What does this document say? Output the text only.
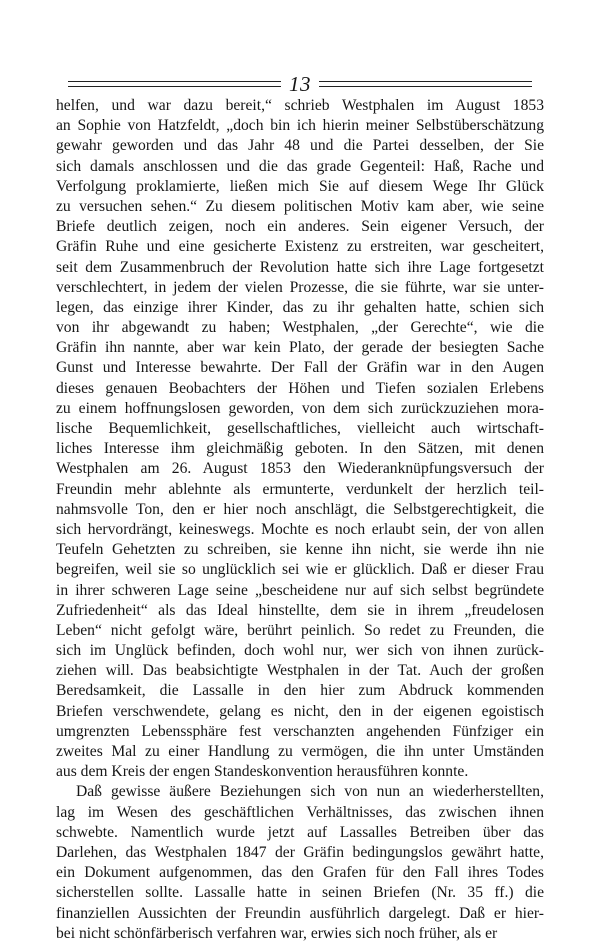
13
helfen, und war dazu bereit,“ schrieb Westphalen im August 1853
an Sophie von Hatzfeldt, „doch bin ich hierin meiner Selbstüberschätzung
gewahr geworden und das Jahr 48 und die Partei desselben, der Sie
sich damals anschlossen und die das grade Gegenteil: Haß, Rache und
Verfolgung proklamierte, ließen mich Sie auf diesem Wege Ihr Glück
zu versuchen sehen.“ Zu diesem politischen Motiv kam aber, wie seine
Briefe deutlich zeigen, noch ein anderes. Sein eigener Versuch, der
Gräfin Ruhe und eine gesicherte Existenz zu erstreiten, war gescheitert,
seit dem Zusammenbruch der Revolution hatte sich ihre Lage fortgesetzt
verschlechtert, in jedem der vielen Prozesse, die sie führte, war sie unter-
legen, das einzige ihrer Kinder, das zu ihr gehalten hatte, schien sich
von ihr abgewandt zu haben; Westphalen, „der Gerechte“, wie die
Gräfin ihn nannte, aber war kein Plato, der gerade der besiegten Sache
Gunst und Interesse bewahrte. Der Fall der Gräfin war in den Augen
dieses genauen Beobachters der Höhen und Tiefen sozialen Erlebens
zu einem hoffnungslosen geworden, von dem sich zurückzuziehen mora-
lische Bequemlichkeit, gesellschaftliches, vielleicht auch wirtschaft-
liches Interesse ihm gleichmäßig geboten. In den Sätzen, mit denen
Westphalen am 26. August 1853 den Wiederanknüpfungsversuch der
Freundin mehr ablehnte als ermunterte, verdunkelt der herzlich teil-
nahmsvolle Ton, den er hier noch anschlägt, die Selbstgerechtigkeit, die
sich hervordrängt, keineswegs. Mochte es noch erlaubt sein, der von allen
Teufeln Gehetzten zu schreiben, sie kenne ihn nicht, sie werde ihn nie
begreifen, weil sie so unglücklich sei wie er glücklich. Daß er dieser Frau
in ihrer schweren Lage seine „bescheidene nur auf sich selbst begründete
Zufriedenheit“ als das Ideal hinstellte, dem sie in ihrem „freudelosen
Leben“ nicht gefolgt wäre, berührt peinlich. So redet zu Freunden, die
sich im Unglück befinden, doch wohl nur, wer sich von ihnen zurück-
ziehen will. Das beabsichtigte Westphalen in der Tat. Auch der großen
Beredsamkeit, die Lassalle in den hier zum Abdruck kommenden
Briefen verschwendete, gelang es nicht, den in der eigenen egoistisch
umgrenzten Lebenssphäre fest verschanzten angehenden Fünfziger ein
zweites Mal zu einer Handlung zu vermögen, die ihn unter Umständen
aus dem Kreis der engen Standeskonvention herausführen konnte.
Daß gewisse äußere Beziehungen sich von nun an wiederherstellten,
lag im Wesen des geschäftlichen Verhältnisses, das zwischen ihnen
schwebte. Namentlich wurde jetzt auf Lassalles Betreiben über das
Darlehen, das Westphalen 1847 der Gräfin bedingungslos gewährt hatte,
ein Dokument aufgenommen, das den Grafen für den Fall ihres Todes
sicherstellen sollte. Lassalle hatte in seinen Briefen (Nr. 35 ff.) die
finanziellen Aussichten der Freundin ausführlich dargelegt. Daß er hier-
bei nicht schönfärberisch verfahren war, erwies sich noch früher, als er
